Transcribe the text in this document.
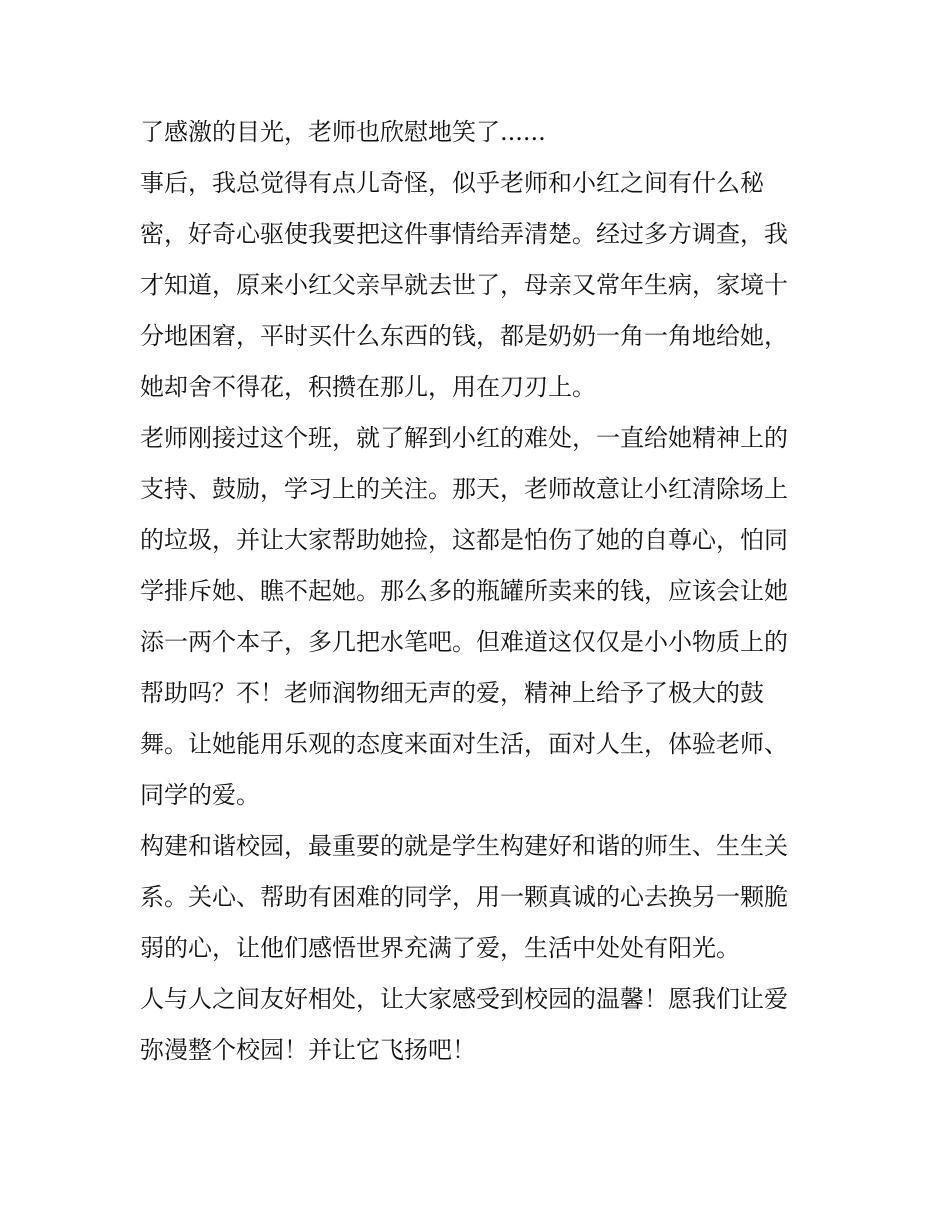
了感激的目光，老师也欣慰地笑了......
事后，我总觉得有点儿奇怪，似乎老师和小红之间有什么秘
密，好奇心驱使我要把这件事情给弄清楚。经过多方调查，我
才知道，原来小红父亲早就去世了，母亲又常年生病，家境十
分地困窘，平时买什么东西的钱，都是奶奶一角一角地给她，
她却舍不得花，积攒在那儿，用在刀刃上。
老师刚接过这个班，就了解到小红的难处，一直给她精神上的
支持、鼓励，学习上的关注。那天，老师故意让小红清除场上
的垃圾，并让大家帮助她捡，这都是怕伤了她的自尊心，怕同
学排斥她、瞧不起她。那么多的瓶罐所卖来的钱，应该会让她
添一两个本子，多几把水笔吧。但难道这仅仅是小小物质上的
帮助吗？不！老师润物细无声的爱，精神上给予了极大的鼓
舞。让她能用乐观的态度来面对生活，面对人生，体验老师、
同学的爱。
构建和谐校园，最重要的就是学生构建好和谐的师生、生生关
系。关心、帮助有困难的同学，用一颗真诚的心去换另一颗脆
弱的心，让他们感悟世界充满了爱，生活中处处有阳光。
人与人之间友好相处，让大家感受到校园的温馨！愿我们让爱
弥漫整个校园！并让它飞扬吧！
